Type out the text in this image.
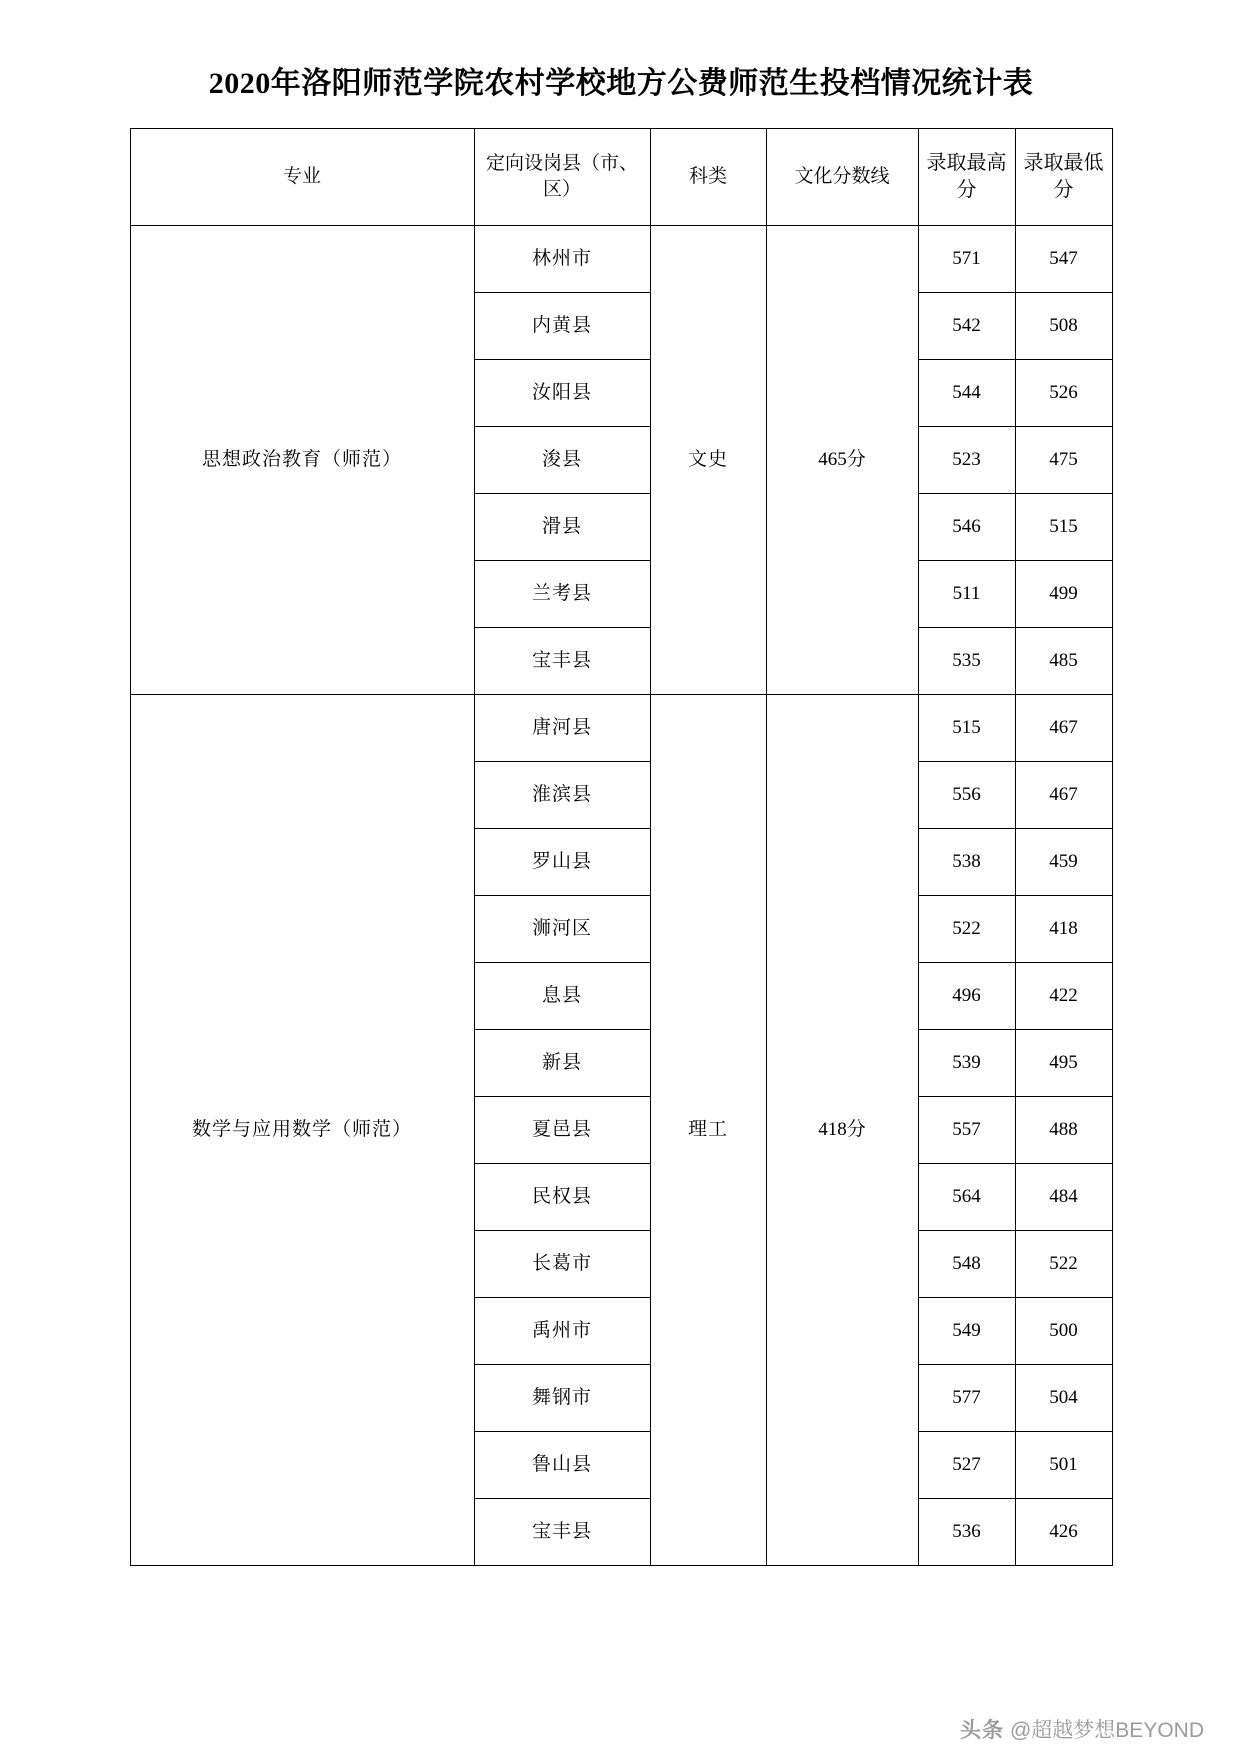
2020年洛阳师范学院农村学校地方公费师范生投档情况统计表
专业	定向设岗县（市、区）	科类	文化分数线	录取最高分	录取最低分
思想政治教育（师范）	林州市	文史	465分	571	547
	内黄县			542	508
	汝阳县			544	526
	浚县			523	475
	滑县			546	515
	兰考县			511	499
	宝丰县			535	485
数学与应用数学（师范）	唐河县	理工	418分	515	467
	淮滨县			556	467
	罗山县			538	459
	浉河区			522	418
	息县			496	422
	新县			539	495
	夏邑县			557	488
	民权县			564	484
	长葛市			548	522
	禹州市			549	500
	舞钢市			577	504
	鲁山县			527	501
	宝丰县			536	426
头条 @超越梦想BEYOND
